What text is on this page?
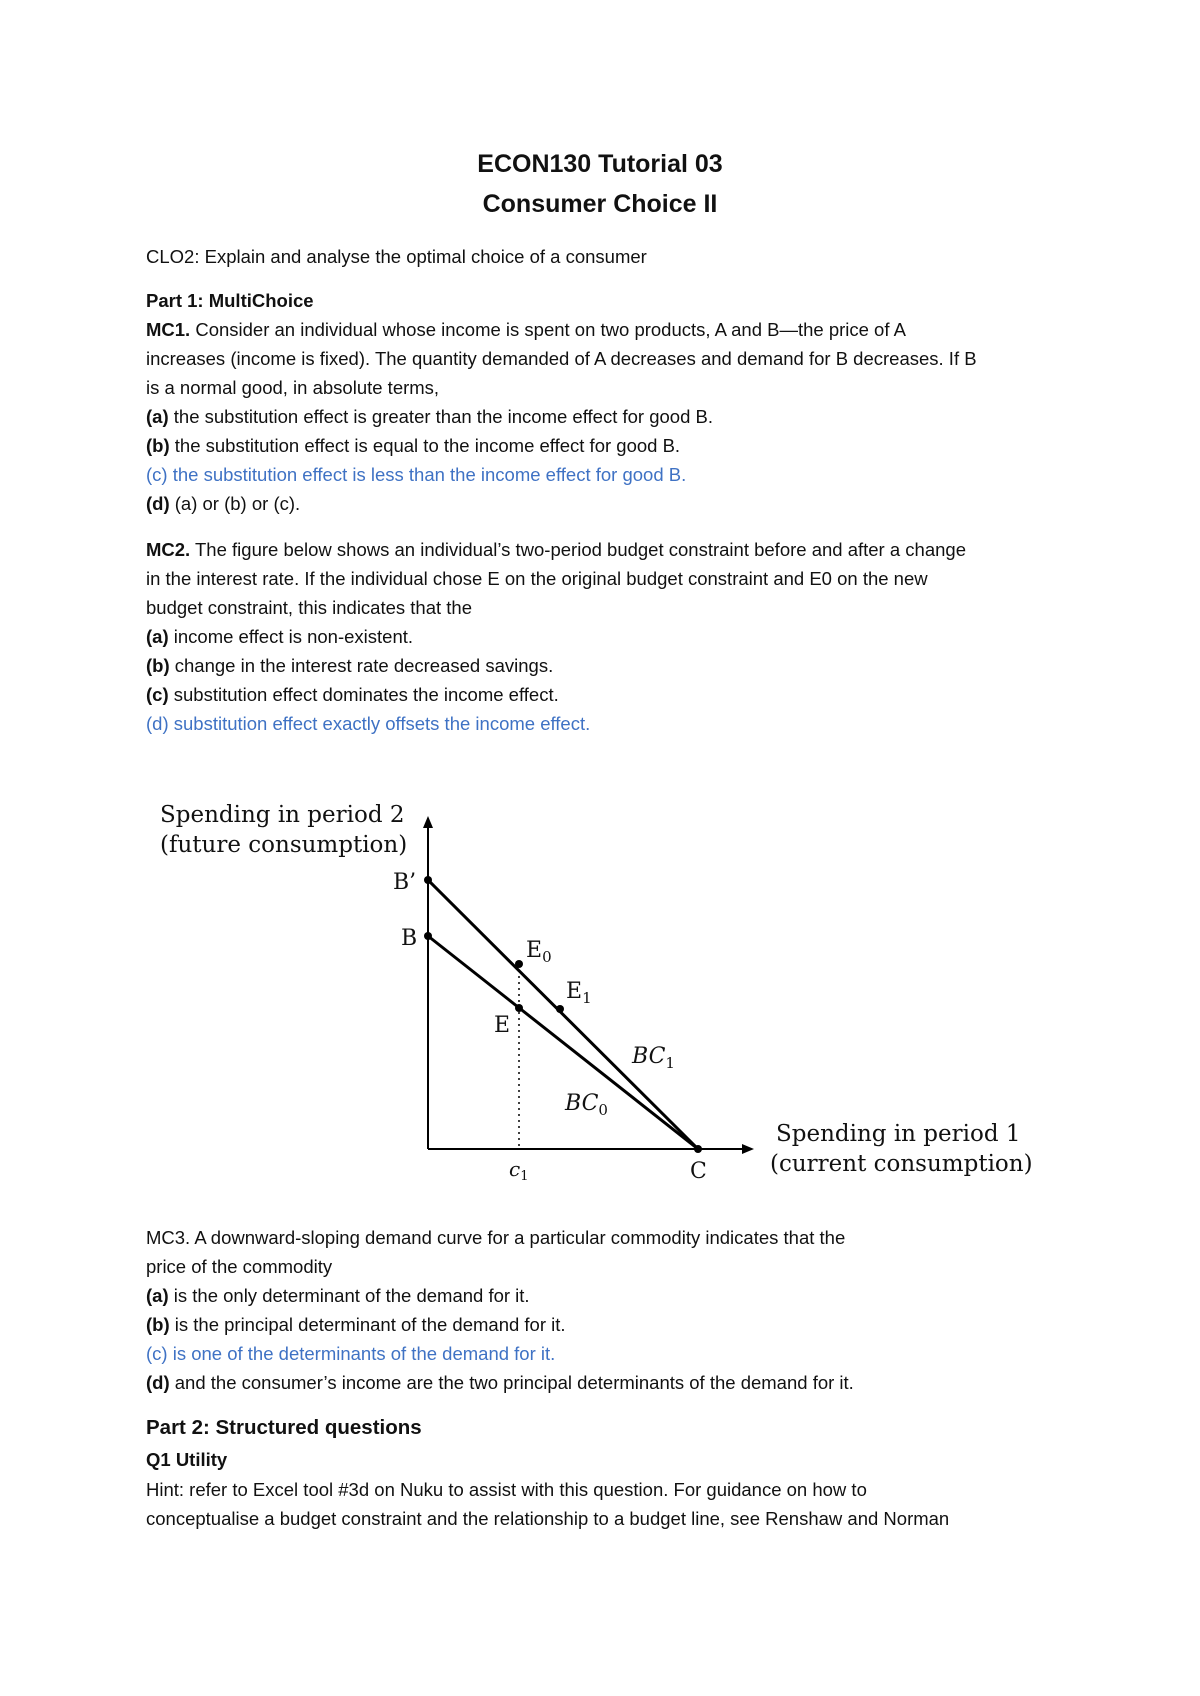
ECON130 Tutorial 03
Consumer Choice II
CLO2: Explain and analyse the optimal choice of a consumer
Part 1: MultiChoice
MC1. Consider an individual whose income is spent on two products, A and B—the price of A
increases (income is fixed). The quantity demanded of A decreases and demand for B decreases. If B
is a normal good, in absolute terms,
(a) the substitution effect is greater than the income effect for good B.
(b) the substitution effect is equal to the income effect for good B.
(c) the substitution effect is less than the income effect for good B.
(d) (a) or (b) or (c).
MC2. The figure below shows an individual’s two-period budget constraint before and after a change
in the interest rate. If the individual chose E on the original budget constraint and E0 on the new
budget constraint, this indicates that the
(a) income effect is non-existent.
(b) change in the interest rate decreased savings.
(c) substitution effect dominates the income effect.
(d) substitution effect exactly offsets the income effect.
Spending in period 2
(future consumption)
Spending in period 1
(current consumption)
B’
B
C
E
$E_0$
$E_1$
$BC_1$
$BC_0$
$c_1$
MC3. A downward-sloping demand curve for a particular commodity indicates that the
price of the commodity
(a) is the only determinant of the demand for it.
(b) is the principal determinant of the demand for it.
(c) is one of the determinants of the demand for it.
(d) and the consumer’s income are the two principal determinants of the demand for it.
Part 2: Structured questions
Q1 Utility
Hint: refer to Excel tool #3d on Nuku to assist with this question. For guidance on how to
conceptualise a budget constraint and the relationship to a budget line, see Renshaw and Norman
